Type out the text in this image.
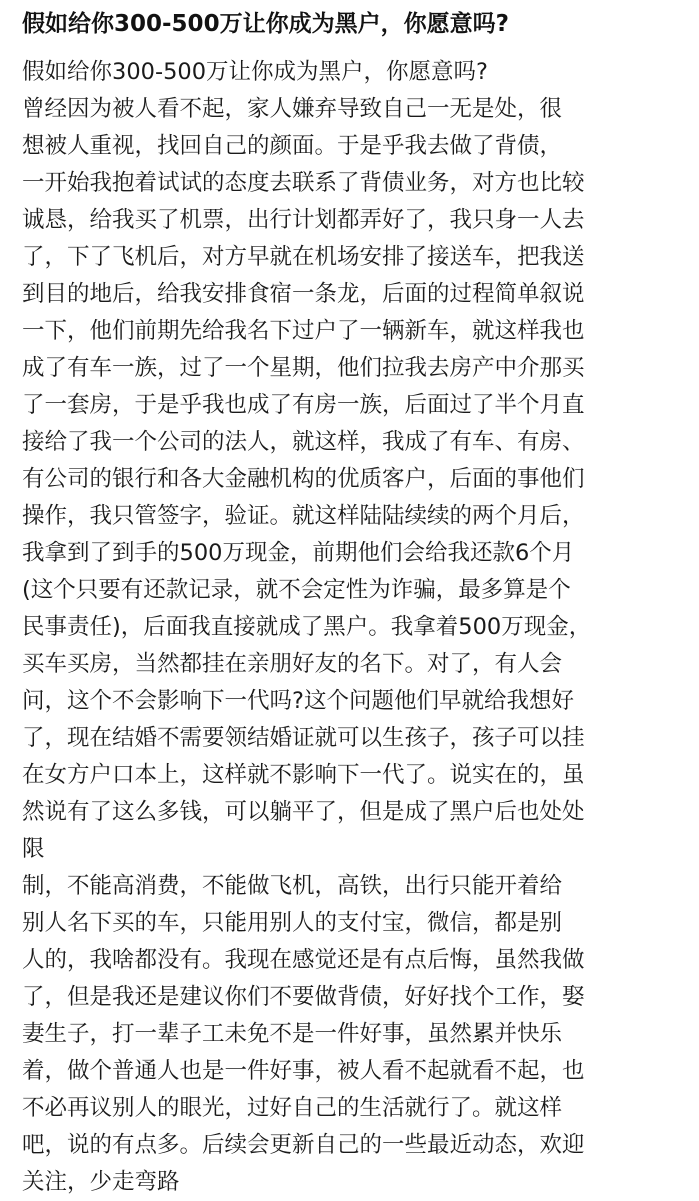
假如给你300-500万让你成为黑户，你愿意吗?
假如给你300-500万让你成为黑户，你愿意吗?
曾经因为被人看不起，家人嫌弃导致自己一无是处，很
想被人重视，找回自己的颜面。于是乎我去做了背债，
一开始我抱着试试的态度去联系了背债业务，对方也比较
诚恳，给我买了机票，出行计划都弄好了，我只身一人去
了，下了飞机后，对方早就在机场安排了接送车，把我送
到目的地后，给我安排食宿一条龙，后面的过程简单叙说
一下，他们前期先给我名下过户了一辆新车，就这样我也
成了有车一族，过了一个星期，他们拉我去房产中介那买
了一套房，于是乎我也成了有房一族，后面过了半个月直
接给了我一个公司的法人，就这样，我成了有车、有房、
有公司的银行和各大金融机构的优质客户，后面的事他们
操作，我只管签字，验证。就这样陆陆续续的两个月后，
我拿到了到手的500万现金，前期他们会给我还款6个月
(这个只要有还款记录，就不会定性为诈骗，最多算是个
民事责任)，后面我直接就成了黑户。我拿着500万现金，
买车买房，当然都挂在亲朋好友的名下。对了，有人会
问，这个不会影响下一代吗?这个问题他们早就给我想好
了，现在结婚不需要领结婚证就可以生孩子，孩子可以挂
在女方户口本上，这样就不影响下一代了。说实在的，虽
然说有了这么多钱，可以躺平了，但是成了黑户后也处处
限
制，不能高消费，不能做飞机，高铁，出行只能开着给
别人名下买的车，只能用别人的支付宝，微信，都是别
人的，我啥都没有。我现在感觉还是有点后悔，虽然我做
了，但是我还是建议你们不要做背债，好好找个工作，娶
妻生子，打一辈子工未免不是一件好事，虽然累并快乐
着，做个普通人也是一件好事，被人看不起就看不起，也
不必再议别人的眼光，过好自己的生活就行了。就这样
吧，说的有点多。后续会更新自己的一些最近动态，欢迎
关注，少走弯路
